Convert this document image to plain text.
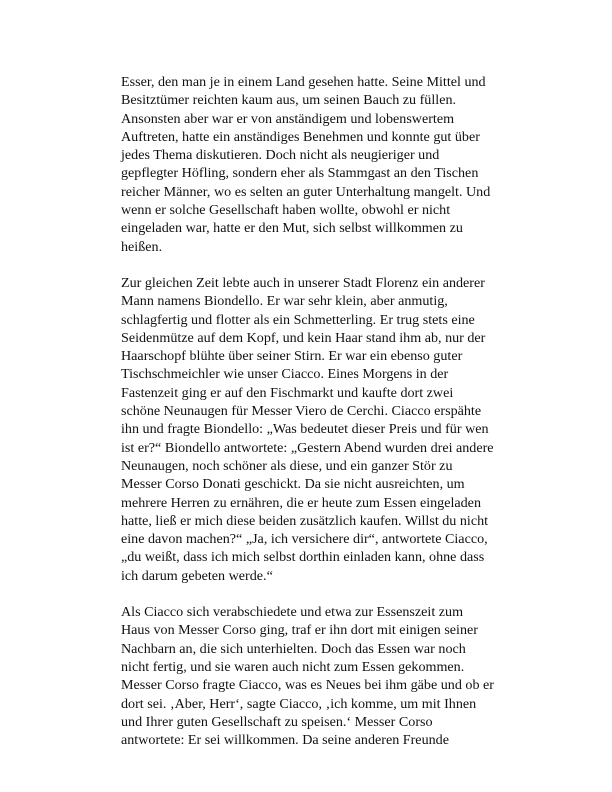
Esser, den man je in einem Land gesehen hatte. Seine Mittel und
Besitztümer reichten kaum aus, um seinen Bauch zu füllen.
Ansonsten aber war er von anständigem und lobenswertem
Auftreten, hatte ein anständiges Benehmen und konnte gut über
jedes Thema diskutieren. Doch nicht als neugieriger und
gepflegter Höfling, sondern eher als Stammgast an den Tischen
reicher Männer, wo es selten an guter Unterhaltung mangelt. Und
wenn er solche Gesellschaft haben wollte, obwohl er nicht
eingeladen war, hatte er den Mut, sich selbst willkommen zu
heißen.

Zur gleichen Zeit lebte auch in unserer Stadt Florenz ein anderer
Mann namens Biondello. Er war sehr klein, aber anmutig,
schlagfertig und flotter als ein Schmetterling. Er trug stets eine
Seidenmütze auf dem Kopf, und kein Haar stand ihm ab, nur der
Haarschopf blühte über seiner Stirn. Er war ein ebenso guter
Tischschmeichler wie unser Ciacco. Eines Morgens in der
Fastenzeit ging er auf den Fischmarkt und kaufte dort zwei
schöne Neunaugen für Messer Viero de Cerchi. Ciacco erspähte
ihn und fragte Biondello: „Was bedeutet dieser Preis und für wen
ist er?“ Biondello antwortete: „Gestern Abend wurden drei andere
Neunaugen, noch schöner als diese, und ein ganzer Stör zu
Messer Corso Donati geschickt. Da sie nicht ausreichten, um
mehrere Herren zu ernähren, die er heute zum Essen eingeladen
hatte, ließ er mich diese beiden zusätzlich kaufen. Willst du nicht
eine davon machen?“ „Ja, ich versichere dir“, antwortete Ciacco,
„du weißt, dass ich mich selbst dorthin einladen kann, ohne dass
ich darum gebeten werde.“

Als Ciacco sich verabschiedete und etwa zur Essenszeit zum
Haus von Messer Corso ging, traf er ihn dort mit einigen seiner
Nachbarn an, die sich unterhielten. Doch das Essen war noch
nicht fertig, und sie waren auch nicht zum Essen gekommen.
Messer Corso fragte Ciacco, was es Neues bei ihm gäbe und ob er
dort sei. ‚Aber, Herr‘, sagte Ciacco, ‚ich komme, um mit Ihnen
und Ihrer guten Gesellschaft zu speisen.‘ Messer Corso
antwortete: Er sei willkommen. Da seine anderen Freunde
